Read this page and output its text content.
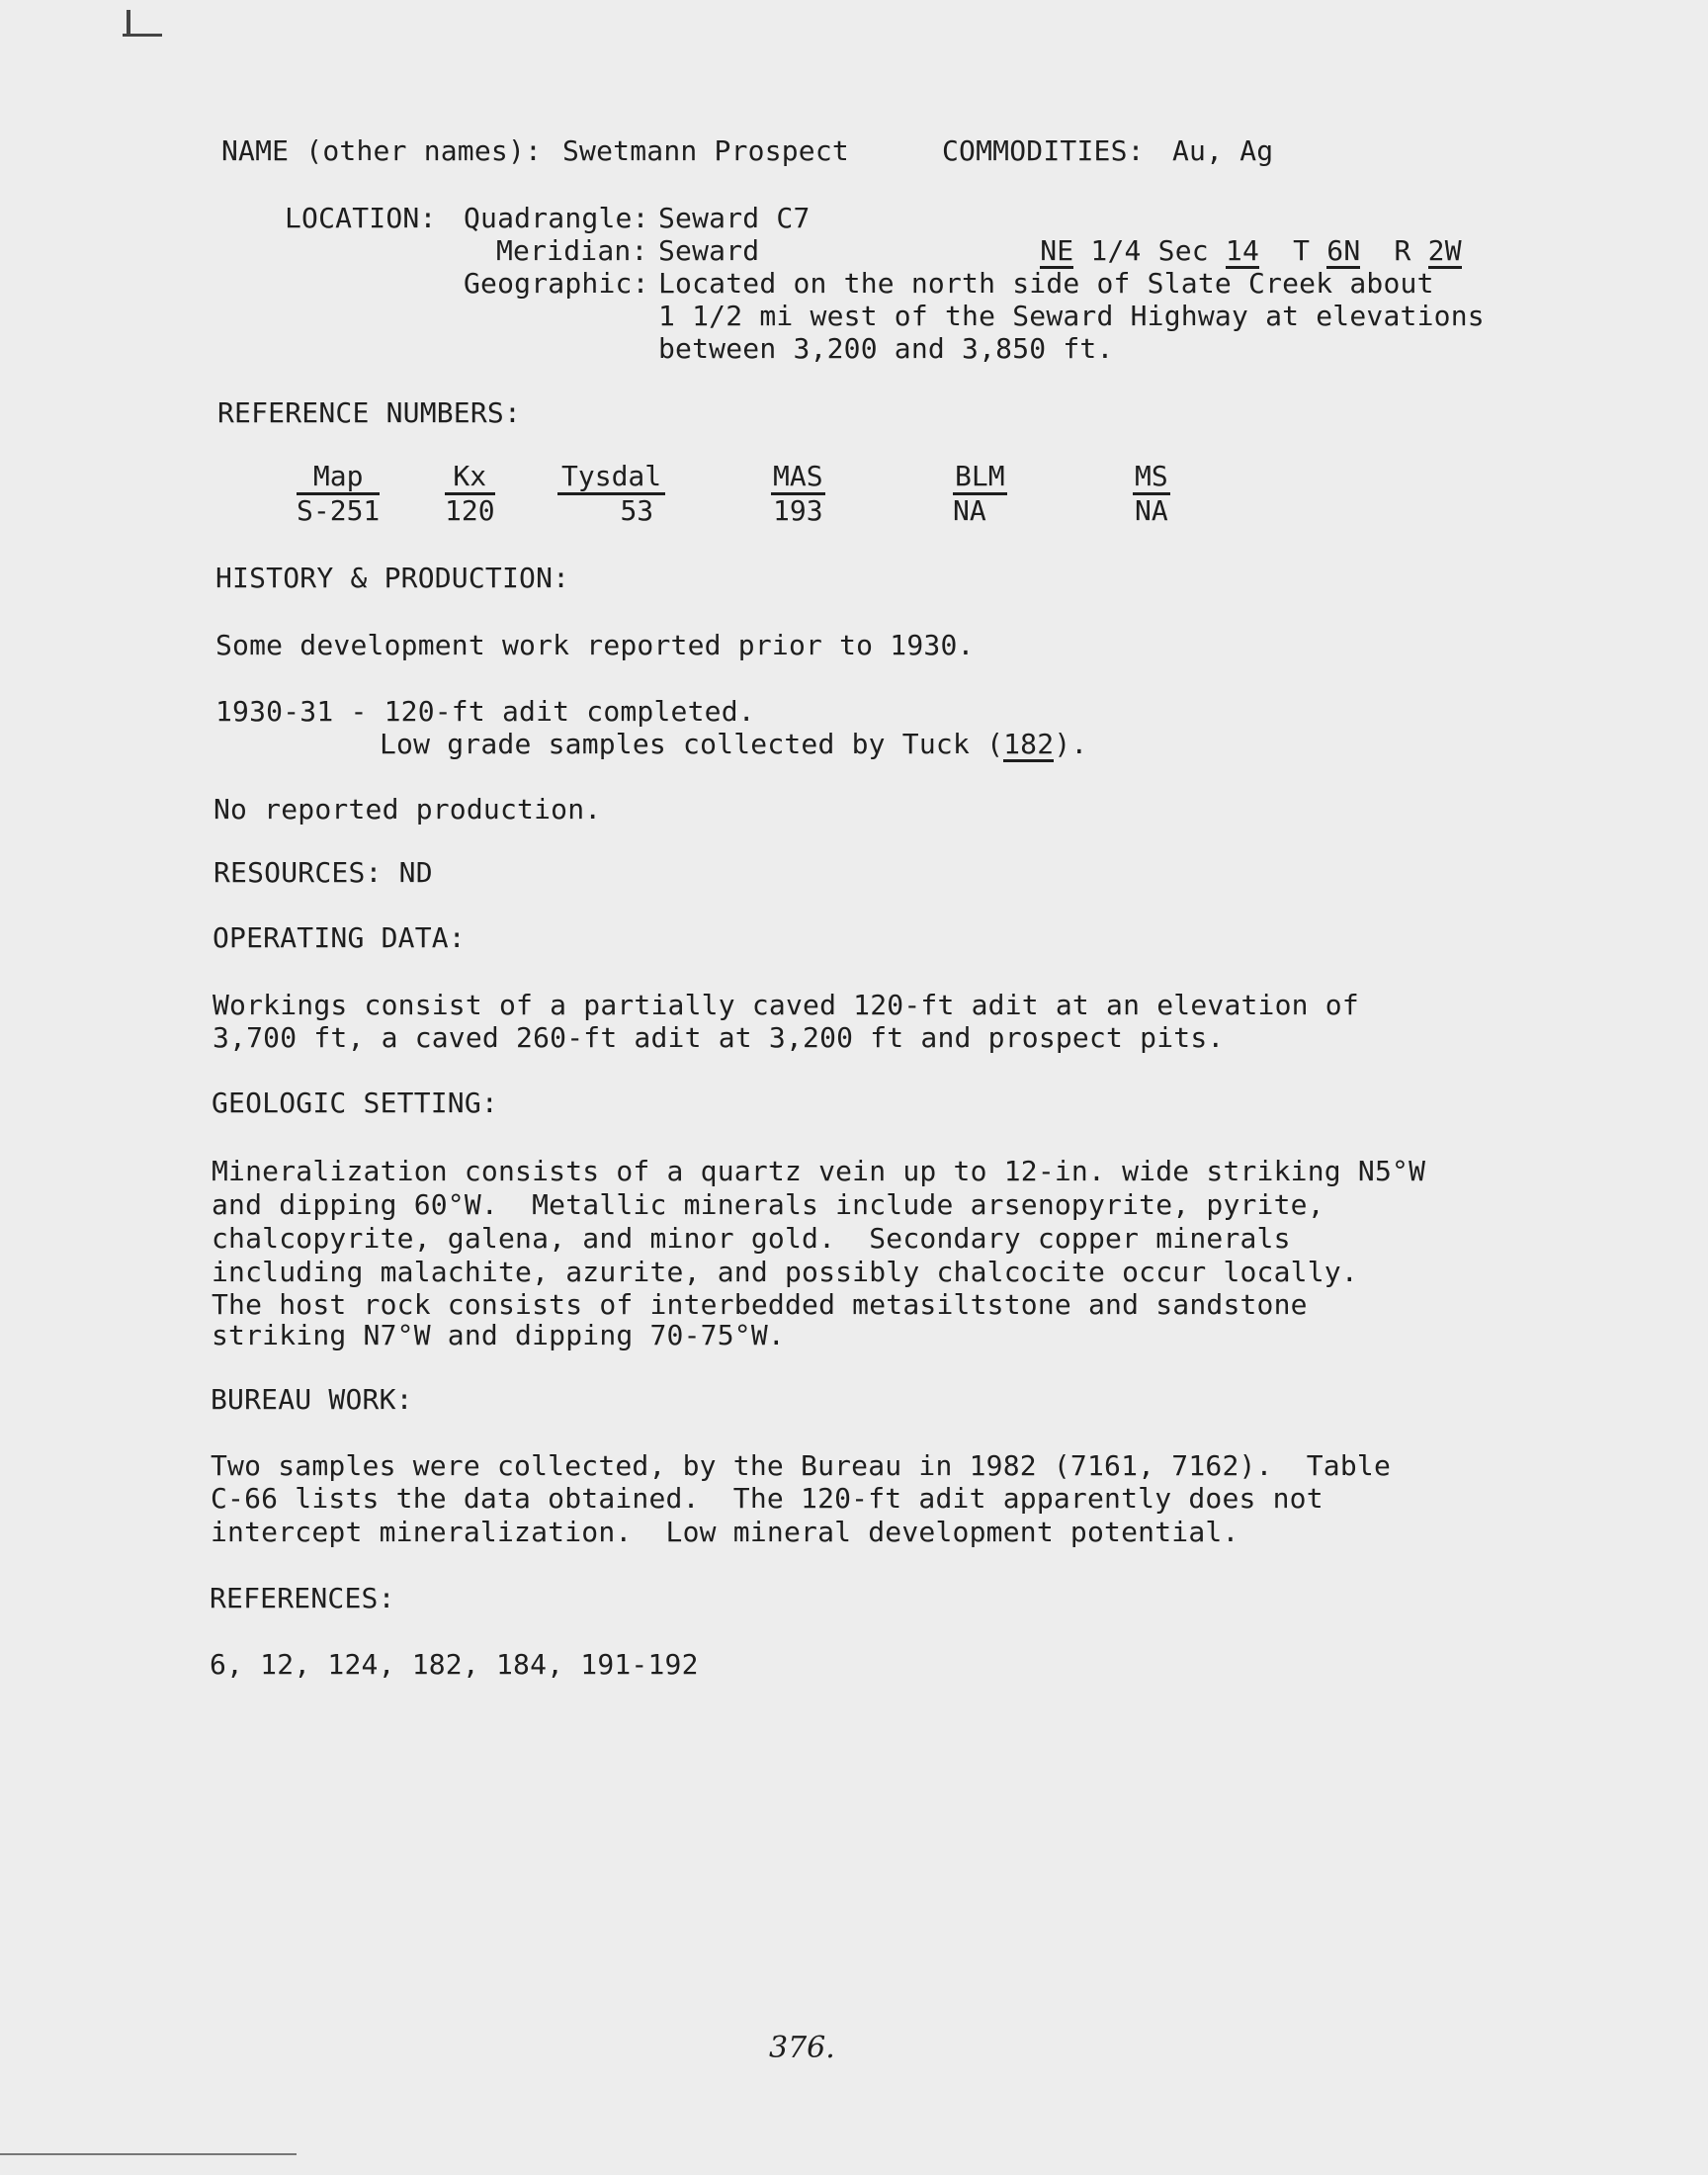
NAME (other names): Swetmann Prospect	COMMODITIES: Au, Ag
LOCATION: Quadrangle: Seward C7

NE 1/4 Sec 14 T 6N R 2W

Meridian: Seward
Geographic: Located on the north side of Slate Creek about
1 1/2 mi west of the Seward Highway at elevations
between 3,200 and 3,850 ft.
REFERENCE NUMBERS:
Map
S-251
Kx
120
Tysdal
53
MAS
193
BLM
NA
MS
NA
HISTORY & PRODUCTION:
Some development work reported prior to 1930.
1930-31 - 120-ft adit completed.
Low grade samples collected by Tuck (182).
No reported production.
RESOURCES: ND
OPERATING DATA:
Workings consist of a partially caved 120-ft adit at an elevation of
3,700 ft, a caved 260-ft adit at 3,200 ft and prospect pits.
GEOLOGIC SETTING:
Mineralization consists of a quartz vein up to 12-in. wide striking N5°W
and dipping 60°W.  Metallic minerals include arsenopyrite, pyrite,
chalcopyrite, galena, and minor gold.  Secondary copper minerals
including malachite, azurite, and possibly chalcocite occur locally.
The host rock consists of interbedded metasiltstone and sandstone
striking N7°W and dipping 70-75°W.
BUREAU WORK:
Two samples were collected, by the Bureau in 1982 (7161, 7162).  Table
C-66 lists the data obtained.  The 120-ft adit apparently does not
intercept mineralization.  Low mineral development potential.
REFERENCES:
6, 12, 124, 182, 184, 191-192
376.
